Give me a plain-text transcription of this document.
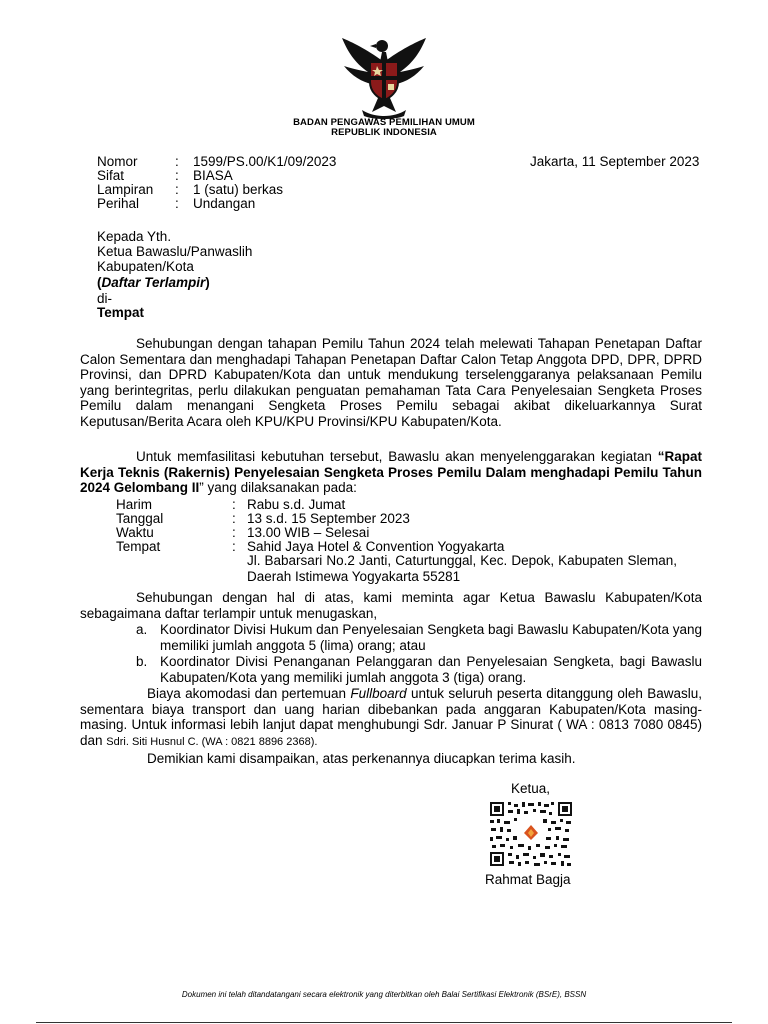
BADAN PENGAWAS PEMILIHAN UMUM
REPUBLIK INDONESIA
Nomor	: 1599/PS.00/K1/09/2023	Jakarta, 11 September 2023
Sifat	: BIASA
Lampiran : 1 (satu) berkas
Perihal	: Undangan
Kepada Yth.
Ketua Bawaslu/Panwaslih
Kabupaten/Kota
(Daftar Terlampir)
di-
Tempat
Sehubungan dengan tahapan Pemilu Tahun 2024 telah melewati Tahapan Penetapan Daftar Calon Sementara dan menghadapi Tahapan Penetapan Daftar Calon Tetap Anggota DPD, DPR, DPRD Provinsi, dan DPRD Kabupaten/Kota dan untuk mendukung terselenggaranya pelaksanaan Pemilu yang berintegritas, perlu dilakukan penguatan pemahaman Tata Cara Penyelesaian Sengketa Proses Pemilu dalam menangani Sengketa Proses Pemilu sebagai akibat dikeluarkannya Surat Keputusan/Berita Acara oleh KPU/KPU Provinsi/KPU Kabupaten/Kota.
Untuk memfasilitasi kebutuhan tersebut, Bawaslu akan menyelenggarakan kegiatan “Rapat Kerja Teknis (Rakernis) Penyelesaian Sengketa Proses Pemilu Dalam menghadapi Pemilu Tahun 2024 Gelombang II” yang dilaksanakan pada:
Harim	: Rabu s.d. Jumat
Tanggal	: 13 s.d. 15 September 2023
Waktu	: 13.00 WIB – Selesai
Tempat	: Sahid Jaya Hotel & Convention Yogyakarta
Jl. Babarsari No.2 Janti, Caturtunggal, Kec. Depok, Kabupaten Sleman, Daerah Istimewa Yogyakarta 55281
Sehubungan dengan hal di atas, kami meminta agar Ketua Bawaslu Kabupaten/Kota sebagaimana daftar terlampir untuk menugaskan,
a. Koordinator Divisi Hukum dan Penyelesaian Sengketa bagi Bawaslu Kabupaten/Kota yang memiliki jumlah anggota 5 (lima) orang; atau
b. Koordinator Divisi Penanganan Pelanggaran dan Penyelesaian Sengketa, bagi Bawaslu Kabupaten/Kota yang memiliki jumlah anggota 3 (tiga) orang.
Biaya akomodasi dan pertemuan Fullboard untuk seluruh peserta ditanggung oleh Bawaslu, sementara biaya transport dan uang harian dibebankan pada anggaran Kabupaten/Kota masing-masing. Untuk informasi lebih lanjut dapat menghubungi Sdr. Januar P Sinurat ( WA : 0813 7080 0845) dan Sdri. Siti Husnul C. (WA : 0821 8896 2368).
Demikian kami disampaikan, atas perkenannya diucapkan terima kasih.
Ketua,
Rahmat Bagja
Dokumen ini telah ditandatangani secara elektronik yang diterbitkan oleh Balai Sertifikasi Elektronik (BSrE), BSSN
